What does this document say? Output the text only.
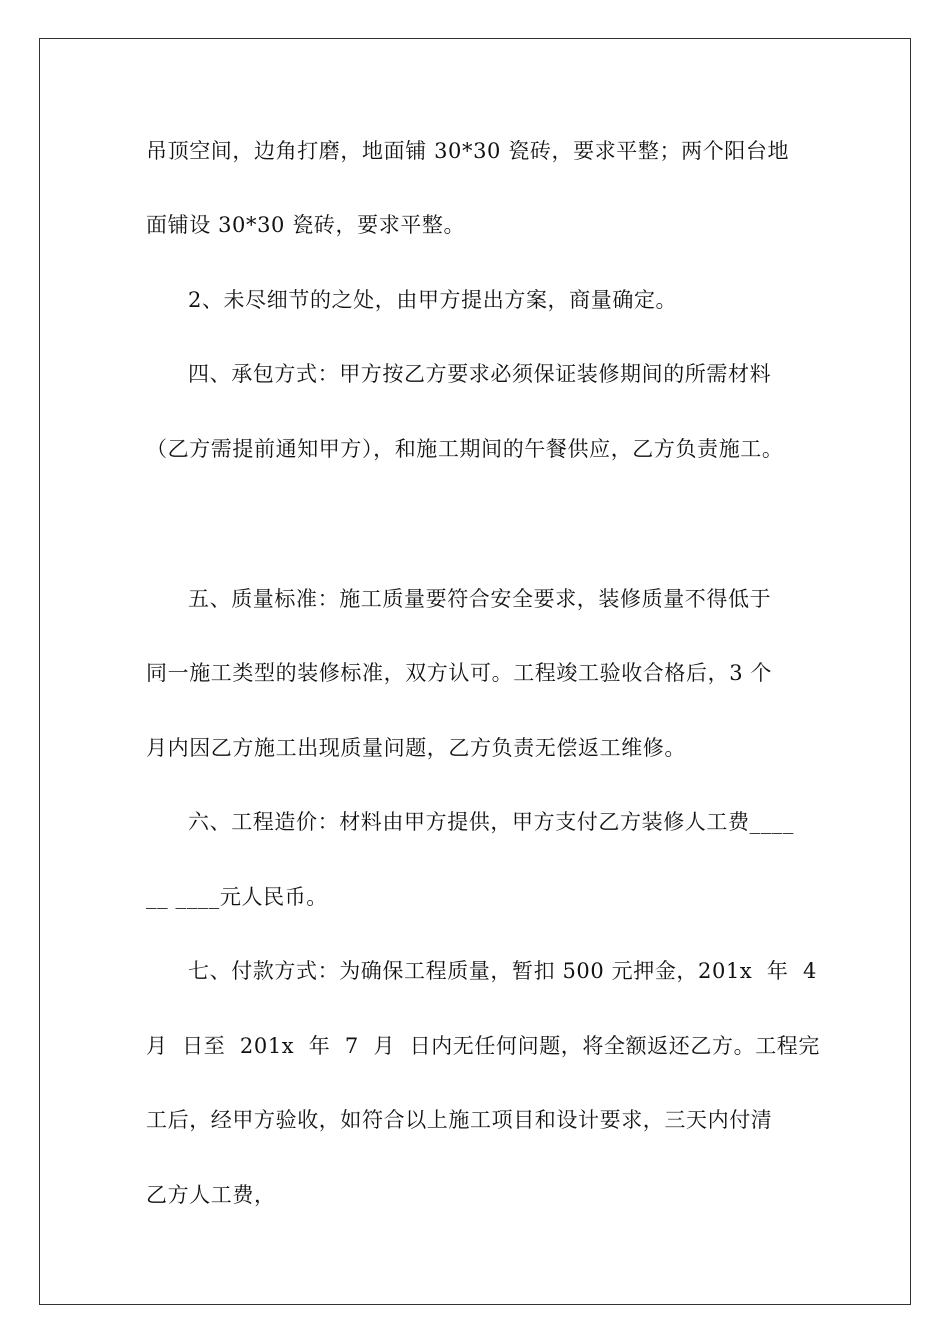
吊顶空间，边角打磨，地面铺 30*30 瓷砖，要求平整；两个阳台地
面铺设 30*30 瓷砖，要求平整。
2、未尽细节的之处，由甲方提出方案，商量确定。
四、承包方式：甲方按乙方要求必须保证装修期间的所需材料
（乙方需提前通知甲方），和施工期间的午餐供应，乙方负责施工。
五、质量标准：施工质量要符合安全要求，装修质量不得低于
同一施工类型的装修标准，双方认可。工程竣工验收合格后，3 个
月内因乙方施工出现质量问题，乙方负责无偿返工维修。
六、工程造价：材料由甲方提供，甲方支付乙方装修人工费____
__ ____元人民币。
七、付款方式：为确保工程质量，暂扣 500 元押金，201x  年  4
月  日至  201x  年  7  月  日内无任何问题，将全额返还乙方。工程完
工后，经甲方验收，如符合以上施工项目和设计要求，三天内付清
乙方人工费，
